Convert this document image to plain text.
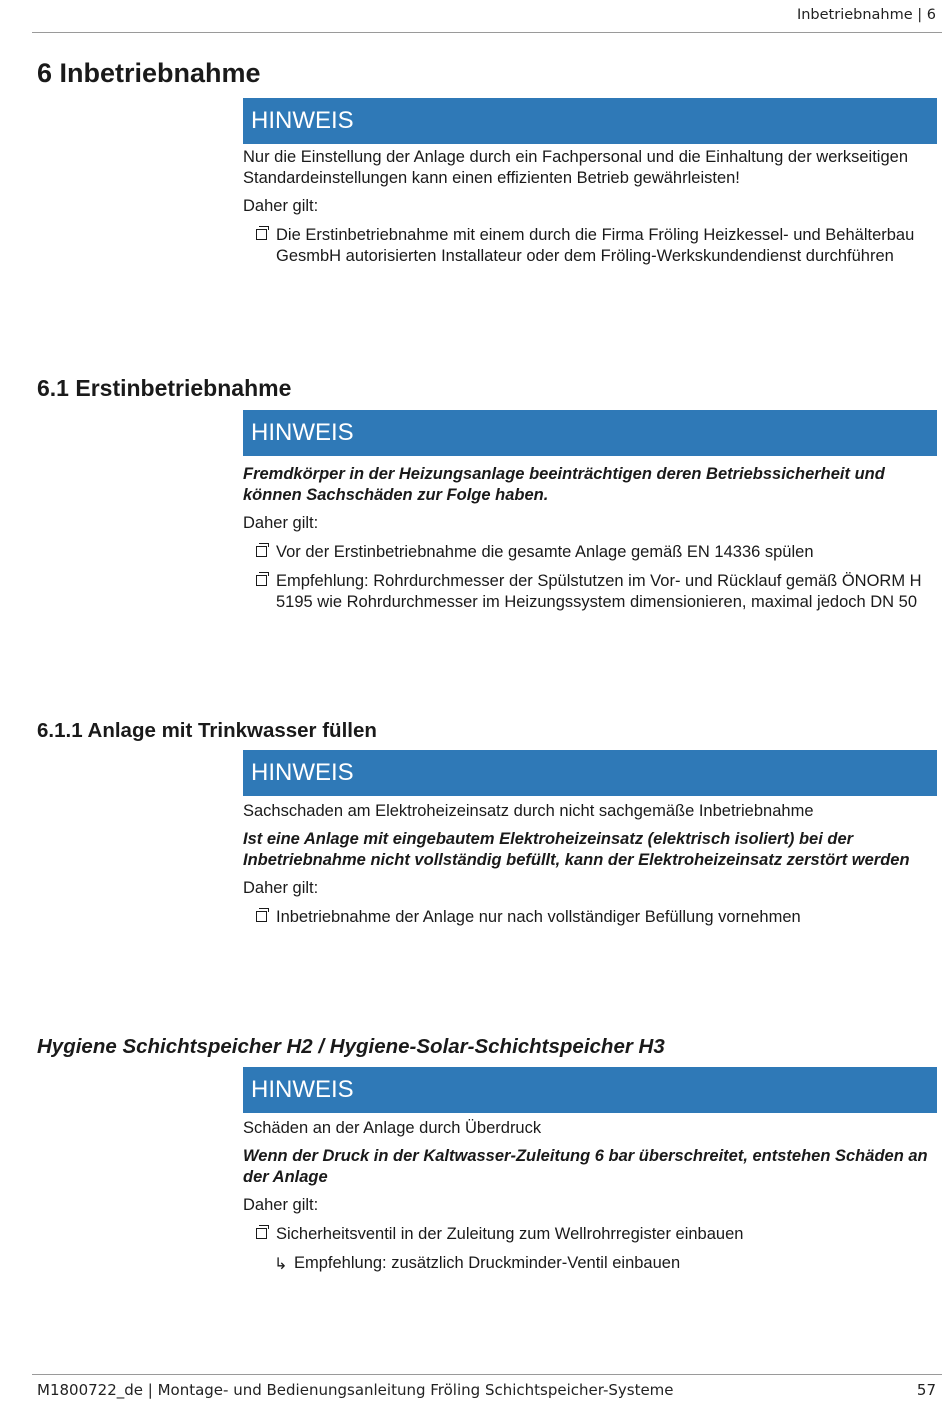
Inbetriebnahme | 6
6 Inbetriebnahme
HINWEIS

Nur die Einstellung der Anlage durch ein Fachpersonal und die Einhaltung der werkseitigen Standardeinstellungen kann einen effizienten Betrieb gewährleisten!

Daher gilt:

Die Erstinbetriebnahme mit einem durch die Firma Fröling Heizkessel- und Behälterbau GesmbH autorisierten Installateur oder dem Fröling-Werkskundendienst durchführen
6.1 Erstinbetriebnahme
HINWEIS

Fremdkörper in der Heizungsanlage beeinträchtigen deren Betriebssicherheit und können Sachschäden zur Folge haben.

Daher gilt:

Vor der Erstinbetriebnahme die gesamte Anlage gemäß EN 14336 spülen
Empfehlung: Rohrdurchmesser der Spülstutzen im Vor- und Rücklauf gemäß ÖNORM H 5195 wie Rohrdurchmesser im Heizungssystem dimensionieren, maximal jedoch DN 50
6.1.1 Anlage mit Trinkwasser füllen
HINWEIS

Sachschaden am Elektroheizeinsatz durch nicht sachgemäße Inbetriebnahme

Ist eine Anlage mit eingebautem Elektroheizeinsatz (elektrisch isoliert) bei der Inbetriebnahme nicht vollständig befüllt, kann der Elektroheizeinsatz zerstört werden

Daher gilt:

Inbetriebnahme der Anlage nur nach vollständiger Befüllung vornehmen
Hygiene Schichtspeicher H2 / Hygiene-Solar-Schichtspeicher H3
HINWEIS

Schäden an der Anlage durch Überdruck

Wenn der Druck in der Kaltwasser-Zuleitung 6 bar überschreitet, entstehen Schäden an der Anlage

Daher gilt:

Sicherheitsventil in der Zuleitung zum Wellrohrregister einbauen
↳ Empfehlung: zusätzlich Druckminder-Ventil einbauen
M1800722_de | Montage- und Bedienungsanleitung Fröling Schichtspeicher-Systeme	57
